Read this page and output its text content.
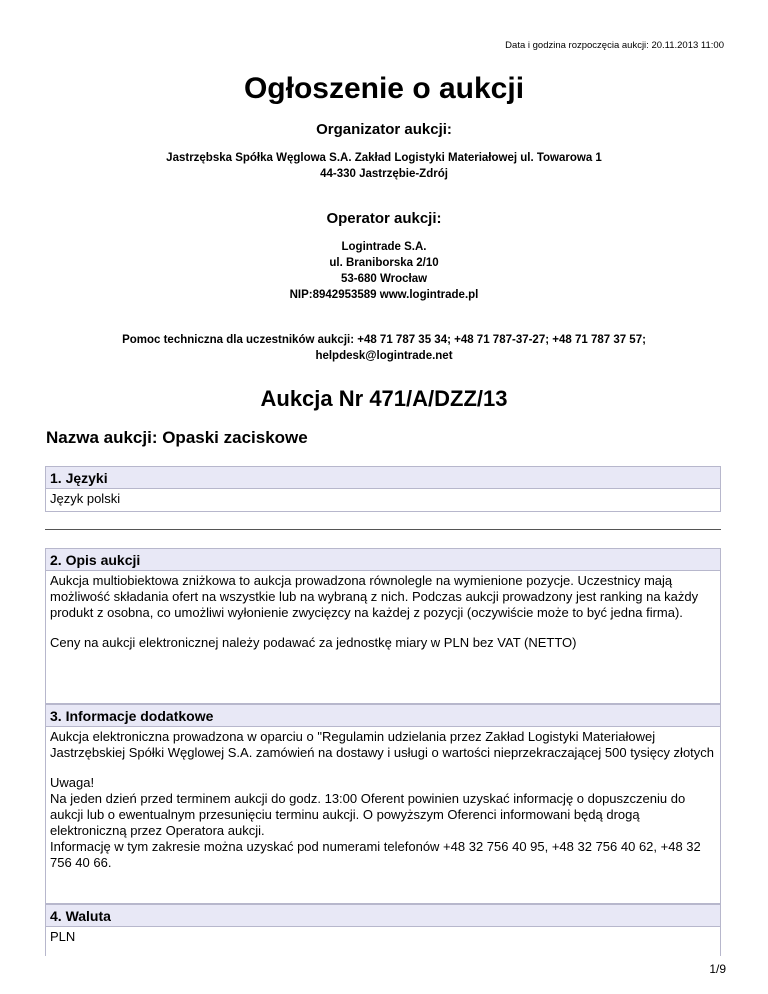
Data i godzina rozpoczęcia aukcji: 20.11.2013 11:00
Ogłoszenie o aukcji
Organizator aukcji:
Jastrzębska Spółka Węglowa S.A. Zakład Logistyki Materiałowej ul. Towarowa 1
44-330 Jastrzębie-Zdrój
Operator aukcji:
Logintrade S.A.
ul. Braniborska 2/10
53-680 Wrocław
NIP:8942953589 www.logintrade.pl
Pomoc techniczna dla uczestników aukcji: +48 71 787 35 34; +48 71 787-37-27; +48 71 787 37 57;
helpdesk@logintrade.net
Aukcja Nr 471/A/DZZ/13
Nazwa aukcji: Opaski zaciskowe
1. Języki
Język polski
2. Opis aukcji

Aukcja multiobiektowa zniżkowa to aukcja prowadzona równolegle na wymienione pozycje. Uczestnicy mają możliwość składania ofert na wszystkie lub na wybraną z nich. Podczas aukcji prowadzony jest ranking na każdy produkt z osobna, co umożliwi wyłonienie zwycięzcy na każdej z pozycji (oczywiście może to być jedna firma).

Ceny na aukcji elektronicznej należy podawać za jednostkę miary w PLN bez VAT (NETTO)

3. Informacje dodatkowe

Aukcja elektroniczna prowadzona w oparciu o "Regulamin udzielania przez Zakład Logistyki Materiałowej Jastrzębskiej Spółki Węglowej S.A. zamówień na dostawy i usługi o wartości nieprzekraczającej 500 tysięcy złotych

Uwaga!
Na jeden dzień przed terminem aukcji do godz. 13:00 Oferent powinien uzyskać informację o dopuszczeniu do aukcji lub o ewentualnym przesunięciu terminu aukcji. O powyższym Oferenci informowani będą drogą elektroniczną przez Operatora aukcji.
Informację w tym zakresie można uzyskać pod numerami telefonów +48 32 756 40 95, +48 32 756 40 62, +48 32 756 40 66.
4. Waluta
PLN
1/9
